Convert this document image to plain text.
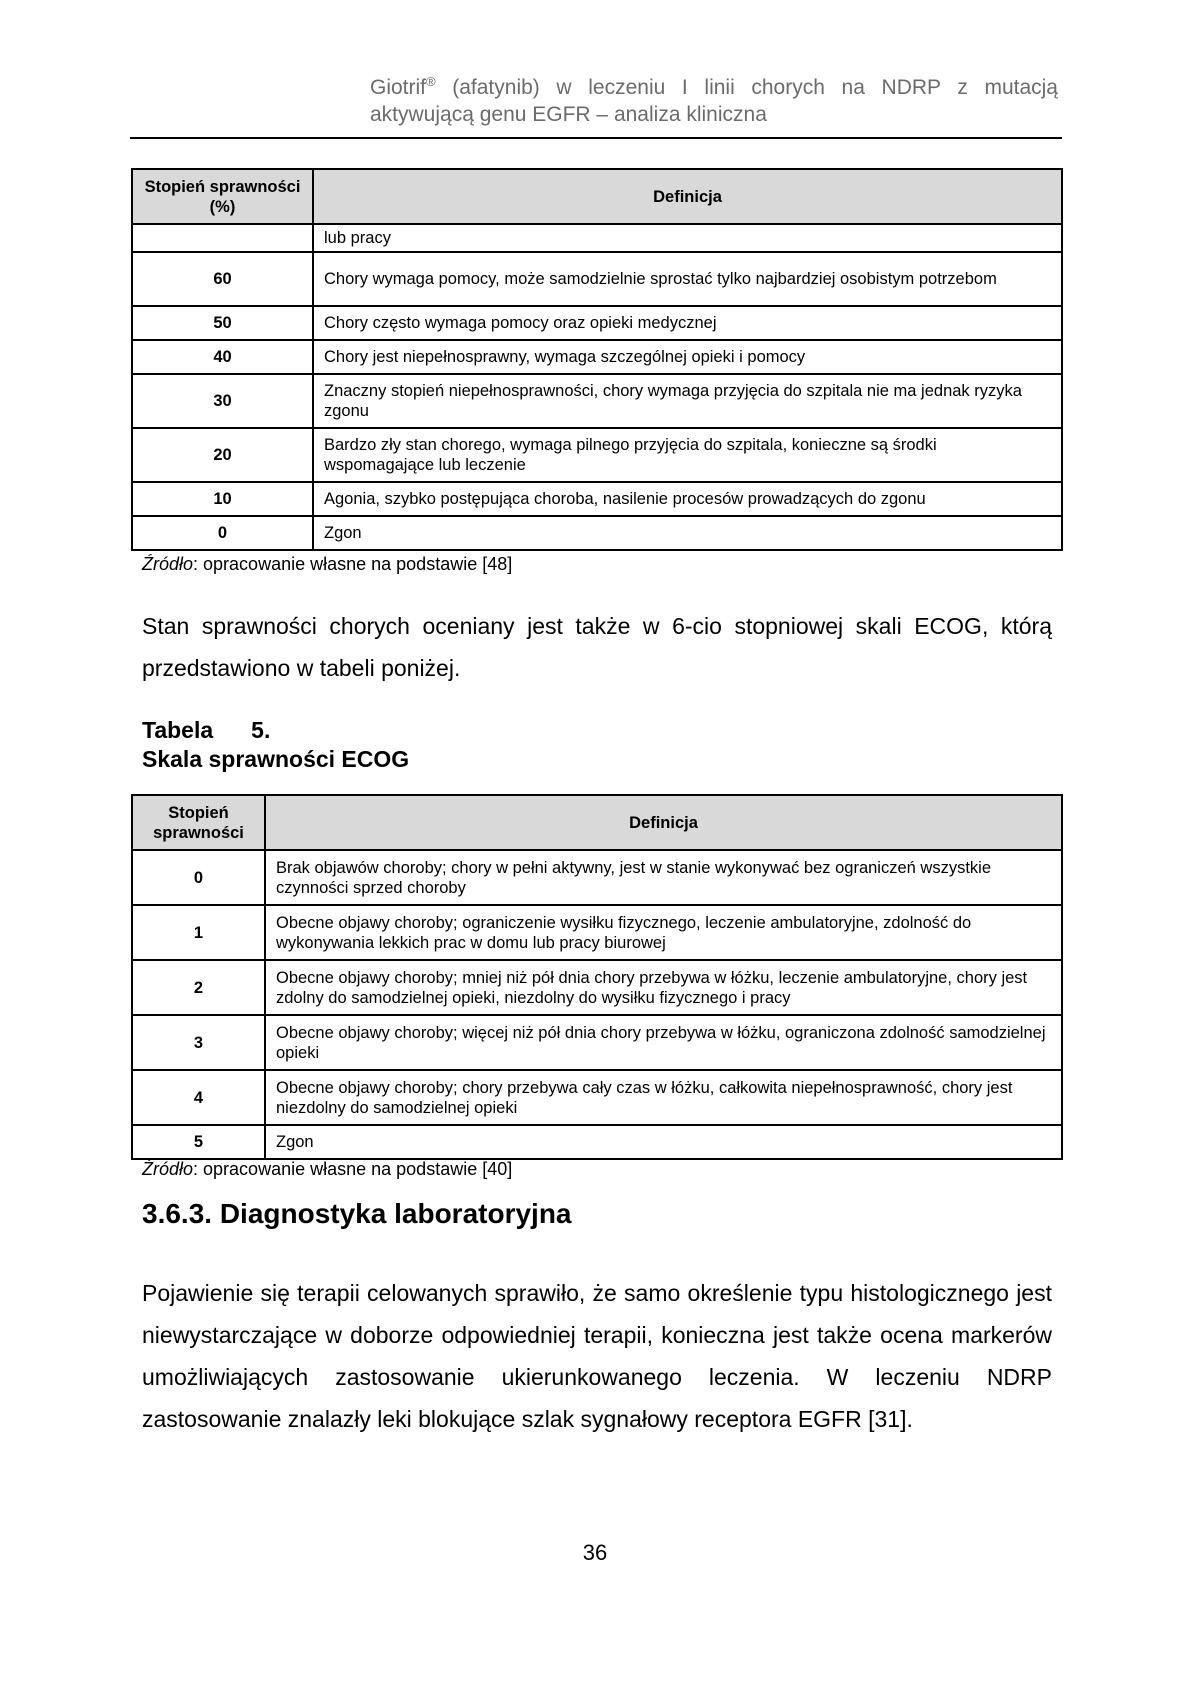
Giotrif® (afatynib) w leczeniu I linii chorych na NDRP z mutacją aktywującą genu EGFR – analiza kliniczna
Stopień sprawności (%)	Definicja
	lub pracy
60	Chory wymaga pomocy, może samodzielnie sprostać tylko najbardziej osobistym potrzebom
50	Chory często wymaga pomocy oraz opieki medycznej
40	Chory jest niepełnosprawny, wymaga szczególnej opieki i pomocy
30	Znaczny stopień niepełnosprawności, chory wymaga przyjęcia do szpitala nie ma jednak ryzyka zgonu
20	Bardzo zły stan chorego, wymaga pilnego przyjęcia do szpitala, konieczne są środki wspomagające lub leczenie
10	Agonia, szybko postępująca choroba, nasilenie procesów prowadzących do zgonu
0	Zgon
Źródło: opracowanie własne na podstawie [48]
Stan sprawności chorych oceniany jest także w 6-cio stopniowej skali ECOG, którą przedstawiono w tabeli poniżej.
Tabela 5.
Skala sprawności ECOG
Stopień sprawności	Definicja
0	Brak objawów choroby; chory w pełni aktywny, jest w stanie wykonywać bez ograniczeń wszystkie czynności sprzed choroby
1	Obecne objawy choroby; ograniczenie wysiłku fizycznego, leczenie ambulatoryjne, zdolność do wykonywania lekkich prac w domu lub pracy biurowej
2	Obecne objawy choroby; mniej niż pół dnia chory przebywa w łóżku, leczenie ambulatoryjne, chory jest zdolny do samodzielnej opieki, niezdolny do wysiłku fizycznego i pracy
3	Obecne objawy choroby; więcej niż pół dnia chory przebywa w łóżku, ograniczona zdolność samodzielnej opieki
4	Obecne objawy choroby; chory przebywa cały czas w łóżku, całkowita niepełnosprawność, chory jest niezdolny do samodzielnej opieki
5	Zgon
Źródło: opracowanie własne na podstawie [40]
3.6.3. Diagnostyka laboratoryjna
Pojawienie się terapii celowanych sprawiło, że samo określenie typu histologicznego jest niewystarczające w doborze odpowiedniej terapii, konieczna jest także ocena markerów umożliwiających zastosowanie ukierunkowanego leczenia. W leczeniu NDRP zastosowanie znalazły leki blokujące szlak sygnałowy receptora EGFR [31].
36
